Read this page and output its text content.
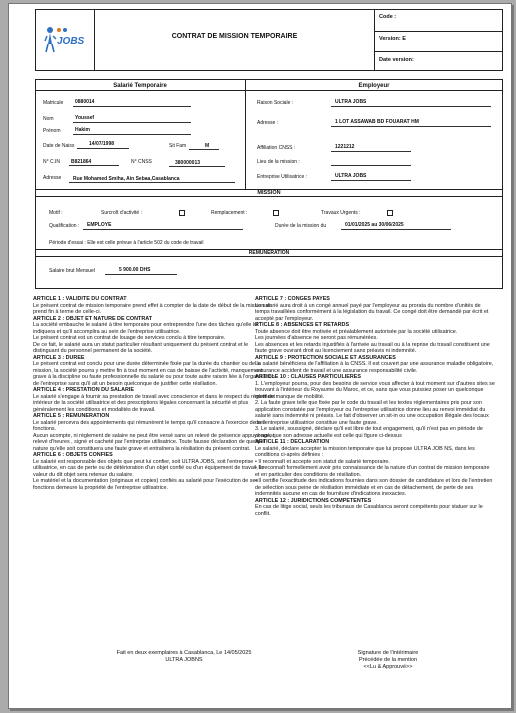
JOBS	CONTRAT DE MISSION TEMPORAIRE
Code :
Version: E
Date version:
Salarié Temporaire	Employeur
Matricule 0880014
Nom	Youssef
Prénom	Hakim
Date de Naiss	14/07/1998	Sit Fam	M
N° C.IN B821864	N° CNSS	380000013
Adresse Rue Mohamed Smiha, Ain Sebaa,Casablanca
Raison Sociale :	ULTRA JOBS
Adresse :	1 LOT ASSAWAB BD FOUARAT HM
Affiliation CNSS :	1221212
Lieu de la mission :
Entreprise Utilisatrice :	ULTRA JOBS
MISSION
Motif :	Surcroît d'activité :	Remplacement :	Travaux Urgents :
Qualification : EMPLOYE	Durée de la mission du	01/01/2025 au 30/06/2025
Période d'essai : Elle est celle prévue à l'article 502 du code de travail
REMUNERATION
Salaire brut Mensuel	5 900.00 DHS

ARTICLE 1 : VALIDITE DU CONTRAT

Le présent contrat de mission temporaire prend effet à compter de la date de début de la mission et prend fin à terme de celle-ci.

ARTICLE 2 : OBJET ET NATURE DE CONTRAT

La société embauche le salarié à titre temporaire pour entreprendre l'une des tâches qu'elle lui indiquera et qu'il accomplira au sein de l'entreprise utilisatrice.

Le présent contrat est un contrat de louage de services conclu à titre temporaire.

De ce fait, le salarié aura un statut particulier résultant uniquement du présent contrat et le distinguant du personnel permanent de la société.

ARTICLE 3 : DUREE

Le présent contrat est conclu pour une durée déterminée fixée par la durée du chantier ou de la mission, la société pourra y mettre fin à tout moment en cas de baisse de l'activité, manquement grave à la discipline ou faute professionnelle du salarié ou pour toute autre raison liée à l'organisation de l'entreprise sans qu'il ait un besoin quelconque de justifier cette résiliation.

ARTICLE 4 : PRESTATION DU SALARIE

Le salarié s'engage à fournir sa prestation de travail avec conscience et dans le respect du règlement intérieur de la société utilisatrice et des prescriptions légales concernant la sécurité et plus généralement les conditions et modalités de travail.

ARTICLE 5 : REMUNERATION

Le salarié percevra des appointements qui rémunèrent le temps qu'il consacre à l'exercice de ses fonctions.

Aucun acompte, ni règlement de salaire ne peut être versé sans un relevé de présence appuyé aussi relevé d'heures , signé et cacheté par l'entreprise utilisatrice. Toute fausse déclaration de quelque nature qu'elle soit constituera une faute grave et entraînera la résiliation du présent contrat.

ARTICLE 6 : OBJETS CONFIES

Le salarié est responsable des objets que peut lui confier, soit ULTRA JOBS, soit l'entreprise utilisatrice, en cas de perte ou de détérioration d'un objet confié ou d'un équipement de travail, la valeur du dit objet sera retenue du salaire.

Le matériel et la documentation (originaux et copies) confiés au salarié pour l'exécution de ses fonctions demeure la propriété de l'entreprise utilisatrice.

ARTICLE 7 : CONGES PAYES

Le salarié aura droit à un congé annuel payé par l'employeur au prorata du nombre d'unités de temps travaillées conformément à la législation du travail. Ce congé doit être demandé par écrit et accepté par l'employeur.

RTICLE 8 : ABSENCES ET RETARDS

Toute absence doit être motivée et préalablement autorisée par la société utilisatrice.

Les journées d'absence ne seront pas rémunérées.

Les absences et les retards injustifiés à l'arrivée au travail ou à la reprise du travail constituent une faute grave ouvrant droit au licenciement sans préavis ni indemnité.

ARTICLE 9 : PROTECTION SOCIALE ET ASSURANCES

Le salarié bénéficiera de l'affiliation à la CNSS. Il est couvert par une assurance maladie obligatoire, assurance accident de travail et une assurance responsabilité civile.

ARTICLE 10 : CLAUSES PARTICULIERES

1. L'employeur pourra, pour des besoins de service vous affecter à tout moment sur d'autres sites se trouvant à l'intérieur du Royaume du Maroc, et ce, sans que vous puissiez poser un quelconque motif de manque de mobilité.

2. La faute grave telle que fixée par le code du travail et les textes réglementaires pris pour son application constatée par l'employeur ou l'entreprise utilisatrice donne lieu au renvoi immédiat du salarié sans indemnité ni préavis. Le fait d'observer un sit-in ou une occupation illégale des locaux de l'entreprise utilisatrice constitue une faute grave.

3. Le salarié, soussigné, déclare qu'il est libre de tout engagement, qu'il n'est pas en période de congé, que son adresse actuelle est celle qui figure ci-dessus

ARTICLE 11 : DECLARATION

Le salarié, déclare accepter la mission temporaire que lui propose ULTRA JOB NS, dans les conditions ci-après définies :

• Il reconnaît et accepte son statut de salarié temporaire.

• Il reconnaît formellement avoir pris connaissance de la nature d'un contrat de mission temporaire et en particulier des conditions de résiliation.

• Il certifie l'exactitude des indications fournies dans son dossier de candidature et lors de l'entretien de sélection sous peine de résiliation immédiate et en cas de détachement, de perte de ses indemnités aucune en cas de fourniture d'indications inexactes.

ARTICLE 12 : JURIDICTIONS COMPETENTES

En cas de litige social, seuls les tribunaux de Casablanca seront compétents pour statuer sur le conflit.

Fait en deux exemplaires à Casablanca, Le 14/05/2025
ULTRA JOBNS
Signature de l'intérimaire
Précédée de la mention
<<Lu & Approuvé>>
